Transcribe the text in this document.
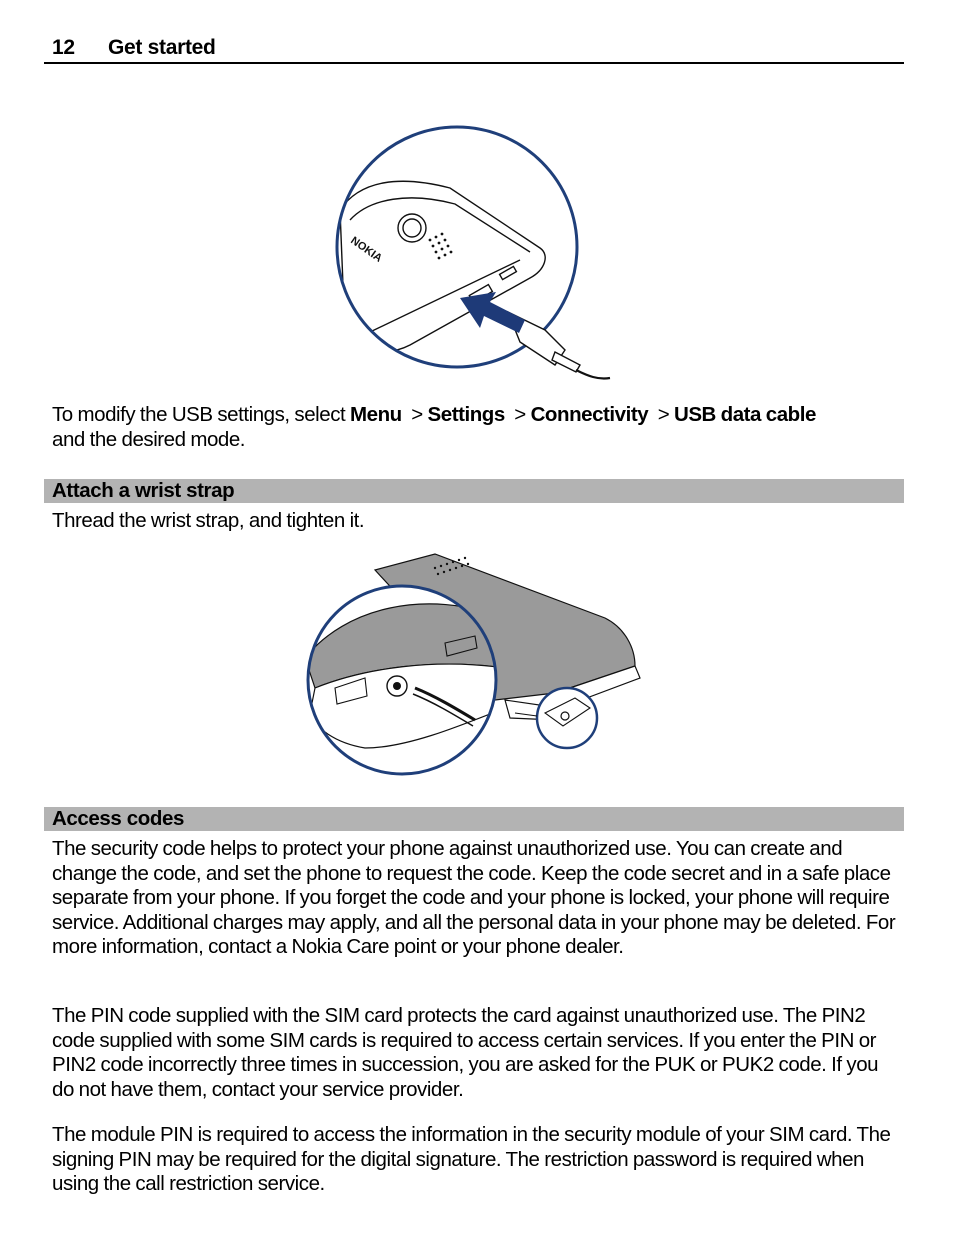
12 Get started
NOKIA
To modify the USB settings, select Menu  > Settings  > Connectivity  > USB data cable
and the desired mode.
Attach a wrist strap
Thread the wrist strap, and tighten it.
Access codes
The security code helps to protect your phone against unauthorized use. You can create and change the code, and set the phone to request the code. Keep the code secret and in a safe place separate from your phone. If you forget the code and your phone is locked, your phone will require service. Additional charges may apply, and all the personal data in your phone may be deleted. For more information, contact a Nokia Care point or your phone dealer.
The PIN code supplied with the SIM card protects the card against unauthorized use. The PIN2 code supplied with some SIM cards is required to access certain services. If you enter the PIN or PIN2 code incorrectly three times in succession, you are asked for the PUK or PUK2 code. If you do not have them, contact your service provider.
The module PIN is required to access the information in the security module of your SIM card. The signing PIN may be required for the digital signature. The restriction password is required when using the call restriction service.
